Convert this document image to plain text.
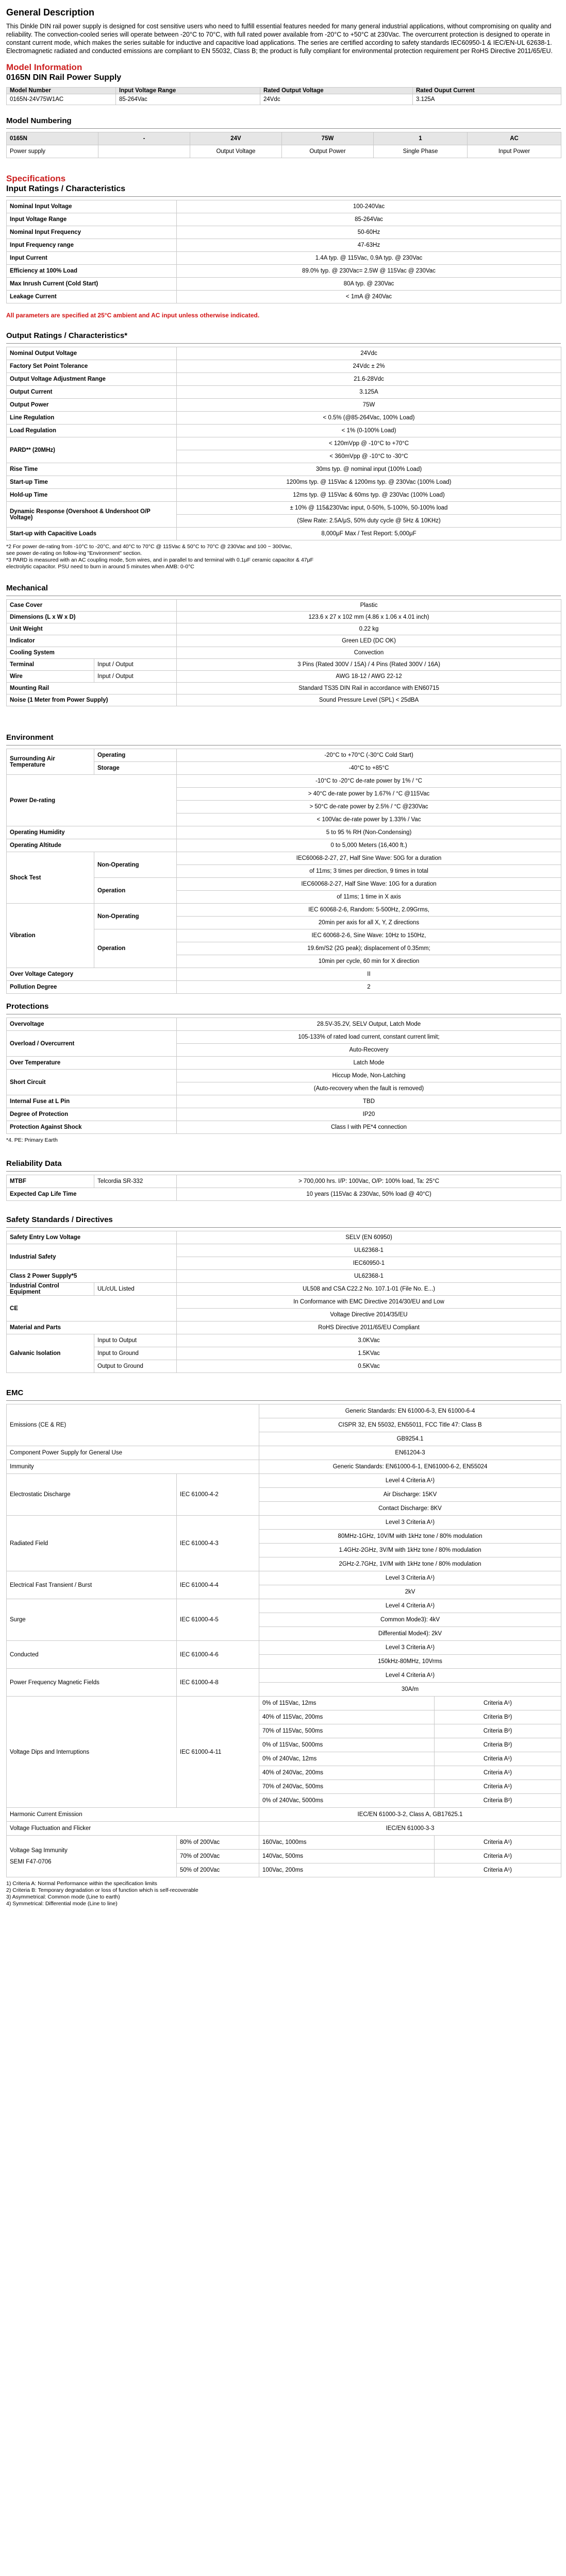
General Description
This Dinkle DIN rail power supply is designed for cost sensitive users who need to fulfill essential features needed for many general industrial applications, without compromising on quality and reliability. The convection-cooled series will operate between -20°C to 70°C, with full rated power available from -20°C to +50°C at 230Vac. The overcurrent protection is designed to operate in constant current mode, which makes the series suitable for inductive and capacitive load applications. The series are certified according to safety standards IEC60950-1 & IEC/EN-UL 62638-1. Electromagnetic radiated and conducted emissions are compliant to EN 55032, Class B; the product is fully compliant for environmental protection requirement per RoHS Directive 2011/65/EU.
Model Information
0165N DIN Rail Power Supply
Model Number	Input Voltage Range	Rated Output Voltage	Rated Ouput Current
0165N-24V75W1AC	85-264Vac	24Vdc	3.125A
Model Numbering
0165N	-	24V	75W	1	AC
Power supply		Output Voltage	Output Power	Single Phase	Input Power
Specifications
Input Ratings / Characteristics
Nominal Input Voltage	100-240Vac
Input Voltage Range	85-264Vac
Nominal Input Frequency	50-60Hz
Input Frequency range	47-63Hz
Input Current	1.4A typ. @ 115Vac, 0.9A typ. @ 230Vac
Efficiency at 100% Load	89.0% typ. @ 230Vac= 2.5W @ 115Vac @ 230Vac
Max Inrush Current (Cold Start)	80A typ. @ 230Vac
Leakage Current	< 1mA @ 240Vac
All parameters are specified at 25°C ambient and AC input unless otherwise indicated.
Output Ratings / Characteristics*
Nominal Output Voltage	24Vdc
Factory Set Point Tolerance	24Vdc ± 2%
Output Voltage Adjustment Range	21.6-28Vdc
Output Current	3.125A
Output Power	75W
Line Regulation	< 0.5% (@85-264Vac, 100% Load)
Load Regulation	< 1% (0-100% Load)
PARD** (20MHz)	< 120mVpp @ -10°C to +70°C
	< 360mVpp @ -10°C to -30°C
Rise Time	30ms typ. @ nominal input (100% Load)
Start-up Time	1200ms typ. @ 115Vac & 1200ms typ. @ 230Vac (100% Load)
Hold-up Time	12ms typ. @ 115Vac & 60ms typ. @ 230Vac (100% Load)
Dynamic Response (Overshoot & Undershoot O/P Voltage)	± 10% @ 115&230Vac input, 0-50%, 5-100%, 50-100% load
	(Slew Rate: 2.5A/μS, 50% duty cycle @ 5Hz & 10KHz)
Start-up with Capacitive Loads	8,000μF Max / Test Report: 5,000μF
*2 For power de-rating from -10°C to -20°C, and 40°C to 70°C @ 115Vac & 50°C to 70°C @ 230Vac and 100 ~ 300Vac,
see power de-rating on follow-ing "Environment" section.
*3 PARD is measured with an AC coupling mode, 5cm wires, and in parallel to and terminal with 0.1μF ceramic capacitor & 47μF
electrolytic capacitor. PSU need to burn in around 5 minutes when AMB: 0-0°C
Mechanical
Case Cover		Plastic
Dimensions (L x W x D)		123.6 x 27 x 102 mm (4.86 x 1.06 x 4.01 inch)
Unit Weight		0.22 kg
Indicator		Green LED (DC OK)
Cooling System		Convection
Terminal	Input / Output	3 Pins (Rated 300V / 15A) / 4 Pins (Rated 300V / 16A)
Wire	Input / Output	AWG 18-12 / AWG 22-12
Mounting Rail		Standard TS35 DIN Rail in accordance with EN60715
Noise (1 Meter from Power Supply)		Sound Pressure Level (SPL) < 25dBA
Environment
Surrounding Air Temperature	Operating	-20°C to +70°C (-30°C Cold Start)
	Storage	-40°C to +85°C
Power De-rating		-10°C to -20°C de-rate power by 1% / °C
		> 40°C de-rate power by 1.67% / °C @115Vac
		> 50°C de-rate power by 2.5% / °C @230Vac
		< 100Vac de-rate power by 1.33% / Vac
Operating Humidity		5 to 95 % RH (Non-Condensing)
Operating Altitude		0 to 5,000 Meters (16,400 ft.)
Shock Test	Non-Operating	IEC60068-2-27, 27, Half Sine Wave: 50G for a duration
		of 11ms; 3 times per direction, 9 times in total
	Operation	IEC60068-2-27, Half Sine Wave: 10G for a duration
		of 11ms; 1 time in X axis
Vibration	Non-Operating	IEC 60068-2-6, Random: 5-500Hz, 2.09Grms,
		20min per axis for all X, Y, Z directions
	Operation	IEC 60068-2-6, Sine Wave: 10Hz to 150Hz,
		19.6m/S2 (2G peak); displacement of 0.35mm;
		10min per cycle, 60 min for X direction
Over Voltage Category		II
Pollution Degree		2
Protections
Overvoltage	28.5V-35.2V, SELV Output, Latch Mode
Overload / Overcurrent	105-133% of rated load current, constant current limit;
	Auto-Recovery
Over Temperature	Latch Mode
Short Circuit	Hiccup Mode, Non-Latching
	(Auto-recovery when the fault is removed)
Internal Fuse at L Pin	TBD
Degree of Protection	IP20
Protection Against Shock	Class I with PE*4 connection
*4. PE: Primary Earth
Reliability Data
MTBF	Telcordia SR-332	> 700,000 hrs. I/P: 100Vac, O/P: 100% load, Ta: 25°C
Expected Cap Life Time		10 years (115Vac & 230Vac, 50% load @ 40°C)
Safety Standards / Directives
Safety Entry Low Voltage		SELV (EN 60950)
Industrial Safety		UL62368-1
		IEC60950-1
Class 2 Power Supply*5		UL62368-1
Industrial Control Equipment	UL/cUL Listed	UL508 and CSA C22.2 No. 107.1-01 (File No. E...)
CE		In Conformance with EMC Directive 2014/30/EU and Low
		Voltage Directive 2014/35/EU
Material and Parts		RoHS Directive 2011/65/EU Compliant
Galvanic Isolation	Input to Output	3.0KVac
	Input to Ground	1.5KVac
	Output to Ground	0.5KVac
EMC
Emissions (CE & RE)		Generic Standards: EN 61000-6-3, EN 61000-6-4	
		CISPR 32, EN 55032, EN55011, FCC Title 47: Class B	
		GB9254.1	
Component Power Supply for General Use		EN61204-3	
Immunity		Generic Standards: EN61000-6-1, EN61000-6-2, EN55024	
Electrostatic Discharge	IEC 61000-4-2	Level 4 Criteria A¹)	
		Air Discharge: 15KV	
		Contact Discharge: 8KV	
Radiated Field	IEC 61000-4-3	Level 3 Criteria A¹)	
		80MHz-1GHz, 10V/M with 1kHz tone / 80% modulation	
		1.4GHz-2GHz, 3V/M with 1kHz tone / 80% modulation	
		2GHz-2.7GHz, 1V/M with 1kHz tone / 80% modulation	
Electrical Fast Transient / Burst	IEC 61000-4-4	Level 3 Criteria A¹)	
		2kV	
Surge	IEC 61000-4-5	Level 4 Criteria A¹)	
		Common Mode3): 4kV	
		Differential Mode4): 2kV	
Conducted	IEC 61000-4-6	Level 3 Criteria A¹)	
		150kHz-80MHz, 10Vrms	
Power Frequency Magnetic Fields	IEC 61000-4-8	Level 4 Criteria A¹)	
		30A/m	
Voltage Dips and Interruptions	IEC 61000-4-11	0% of 115Vac, 12ms	Criteria A¹)
		40% of 115Vac, 200ms	Criteria B²)
		70% of 115Vac, 500ms	Criteria B²)
		0% of 115Vac, 5000ms	Criteria B²)
		0% of 240Vac, 12ms	Criteria A¹)
		40% of 240Vac, 200ms	Criteria A¹)
		70% of 240Vac, 500ms	Criteria A¹)
		0% of 240Vac, 5000ms	Criteria B²)
Harmonic Current Emission		IEC/EN 61000-3-2, Class A, GB17625.1	
Voltage Fluctuation and Flicker		IEC/EN 61000-3-3	

Voltage Sag Immunity
SEMI F47-0706	80% of 200Vac	160Vac, 1000ms	Criteria A¹)
	70% of 200Vac	140Vac, 500ms	Criteria A¹)
	50% of 200Vac	100Vac, 200ms	Criteria A¹)
1) Criteria A: Normal Performance within the specification limits
2) Criteria B: Temporary degradation or loss of function which is self-recoverable
3) Asymmetrical: Common mode (Line to earth)
4) Symmetrical: Differential mode (Line to line)
